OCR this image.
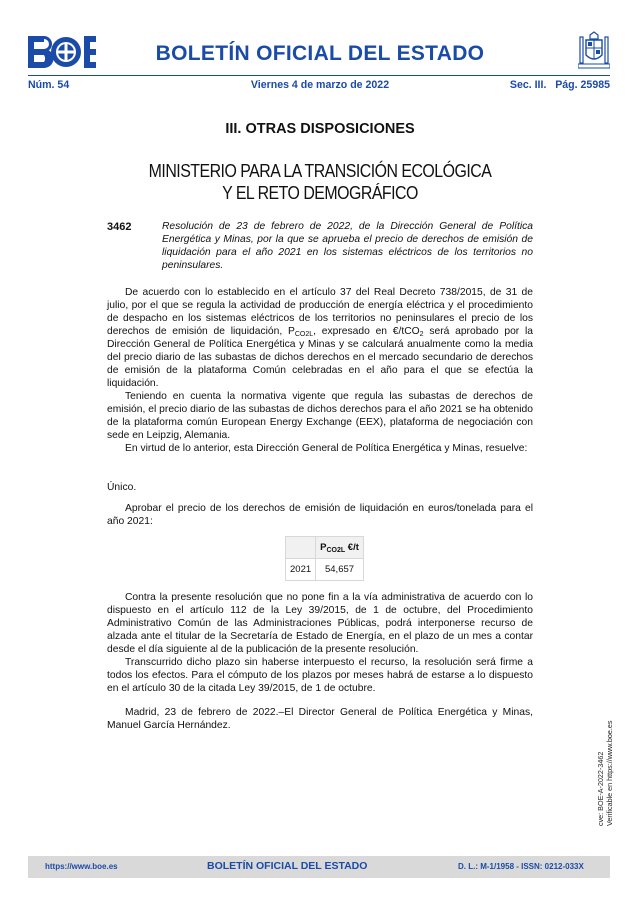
BOLETÍN OFICIAL DEL ESTADO
Núm. 54	Viernes 4 de marzo de 2022	Sec. III.   Pág. 25985
III. OTRAS DISPOSICIONES
MINISTERIO PARA LA TRANSICIÓN ECOLÓGICA
Y EL RETO DEMOGRÁFICO
3462	Resolución de 23 de febrero de 2022, de la Dirección General de Política Energética y Minas, por la que se aprueba el precio de derechos de emisión de liquidación para el año 2021 en los sistemas eléctricos de los territorios no peninsulares.

De acuerdo con lo establecido en el artículo 37 del Real Decreto 738/2015, de 31 de julio, por el que se regula la actividad de producción de energía eléctrica y el procedimiento de despacho en los sistemas eléctricos de los territorios no peninsulares el precio de los derechos de emisión de liquidación, $P_{CO2L}$, expresado en €/tCO$_2$ será aprobado por la Dirección General de Política Energética y Minas y se calculará anualmente como la media del precio diario de las subastas de dichos derechos en el mercado secundario de derechos de emisión de la plataforma Común celebradas en el año para el que se efectúa la liquidación.

Teniendo en cuenta la normativa vigente que regula las subastas de derechos de emisión, el precio diario de las subastas de dichos derechos para el año 2021 se ha obtenido de la plataforma común European Energy Exchange (EEX), plataforma de negociación con sede en Leipzig, Alemania.

En virtud de lo anterior, esta Dirección General de Política Energética y Minas, resuelve:

Único.

Aprobar el precio de los derechos de emisión de liquidación en euros/tonelada para el año 2021:

	$P_{CO2L}$ €/t
2021	54,657

Contra la presente resolución que no pone fin a la vía administrativa de acuerdo con lo dispuesto en el artículo 112 de la Ley 39/2015, de 1 de octubre, del Procedimiento Administrativo Común de las Administraciones Públicas, podrá interponerse recurso de alzada ante el titular de la Secretaría de Estado de Energía, en el plazo de un mes a contar desde el día siguiente al de la publicación de la presente resolución.

Transcurrido dicho plazo sin haberse interpuesto el recurso, la resolución será firme a todos los efectos. Para el cómputo de los plazos por meses habrá de estarse a lo dispuesto en el artículo 30 de la citada Ley 39/2015, de 1 de octubre.

Madrid, 23 de febrero de 2022.–El Director General de Política Energética y Minas, Manuel García Hernández.

cve: BOE-A-2022-3462 Verificable en https://www.boe.es
https://www.boe.es	BOLETÍN OFICIAL DEL ESTADO	D. L.: M-1/1958 - ISSN: 0212-033X
